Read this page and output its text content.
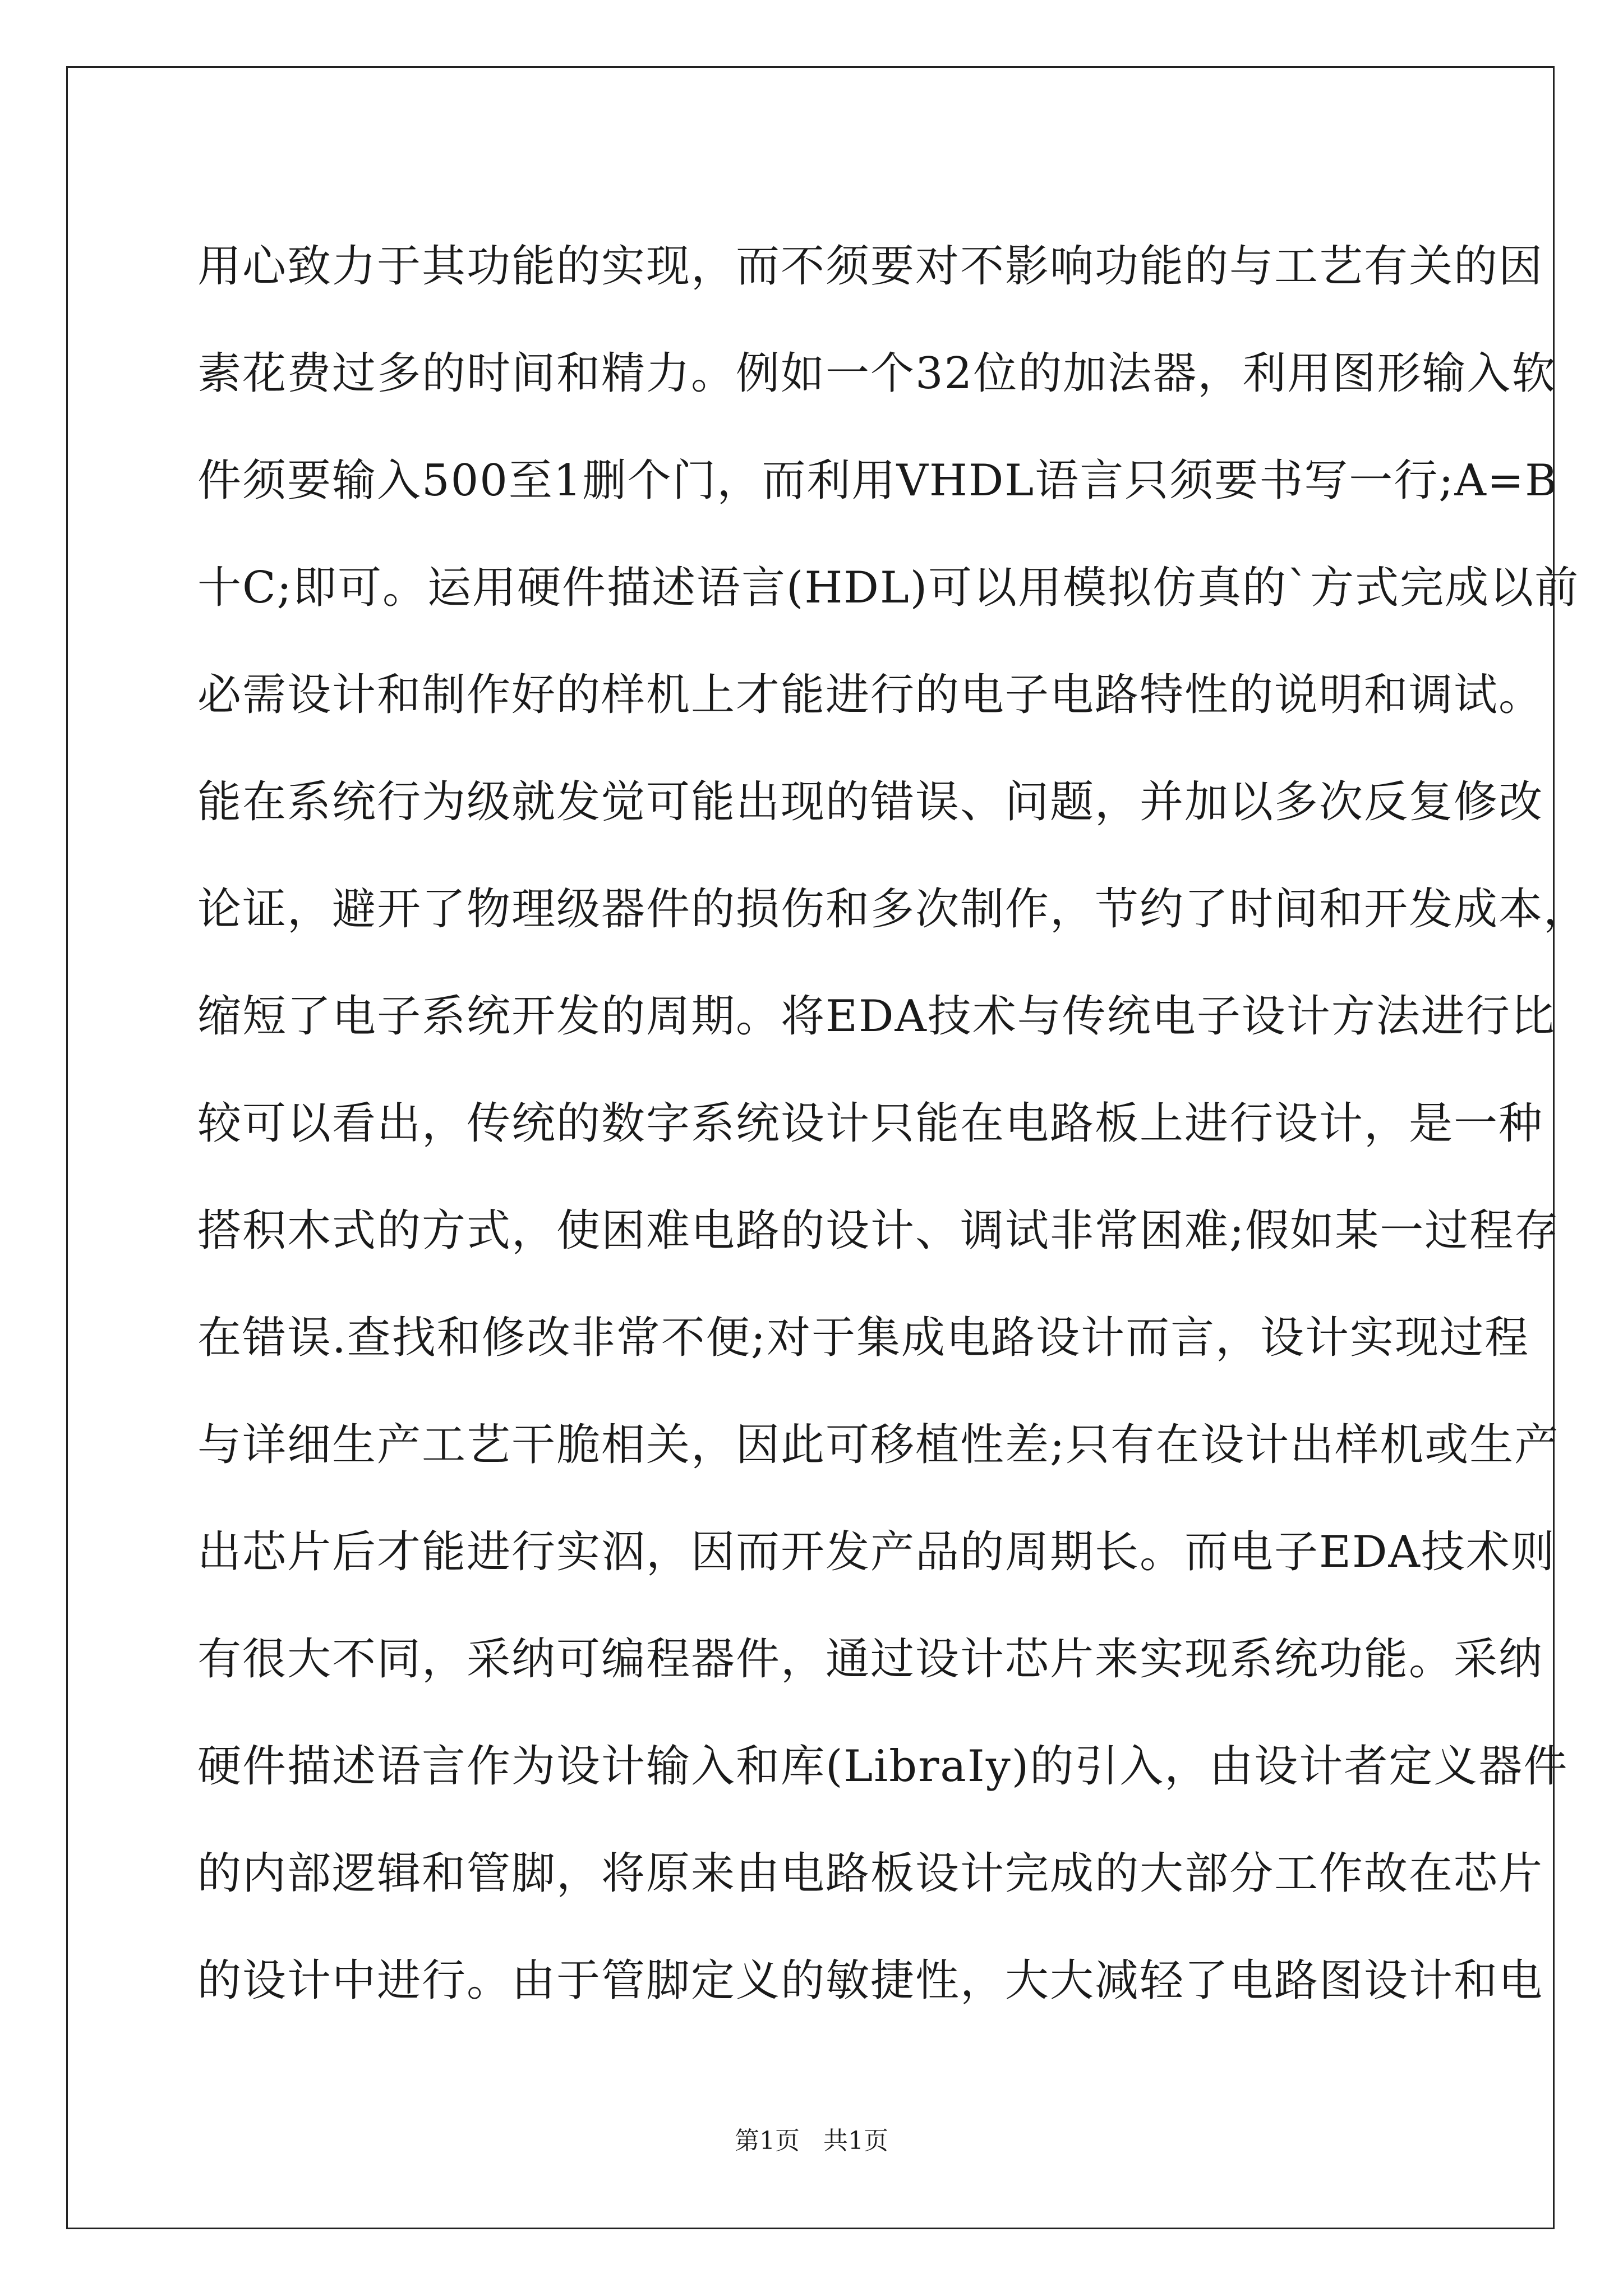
用心致力于其功能的实现，而不须要对不影响功能的与工艺有关的因
素花费过多的时间和精力。例如一个32位的加法器，利用图形输入软
件须要输入500至1删个门，而利用VHDL语言只须要书写一行;A=B
十C;即可。运用硬件描述语言(HDL)可以用模拟仿真的`方式完成以前
必需设计和制作好的样机上才能进行的电子电路特性的说明和调试。
能在系统行为级就发觉可能出现的错误、问题，并加以多次反复修改
论证，避开了物理级器件的损伤和多次制作，节约了时间和开发成本，
缩短了电子系统开发的周期。将EDA技术与传统电子设计方法进行比
较可以看出，传统的数字系统设计只能在电路板上进行设计，是一种
搭积木式的方式，使困难电路的设计、调试非常困难;假如某一过程存
在错误.查找和修改非常不便;对于集成电路设计而言，设计实现过程
与详细生产工艺干脆相关，因此可移植性差;只有在设计出样机或生产
出芯片后才能进行实泅，因而开发产品的周期长。而电子EDA技术则
有很大不同，采纳可编程器件，通过设计芯片来实现系统功能。采纳
硬件描述语言作为设计输入和库(LibraIy)的引入，由设计者定义器件
的内部逻辑和管脚，将原来由电路板设计完成的大部分工作故在芯片
的设计中进行。由于管脚定义的敏捷性，大大减轻了电路图设计和电
第1页   共1页
